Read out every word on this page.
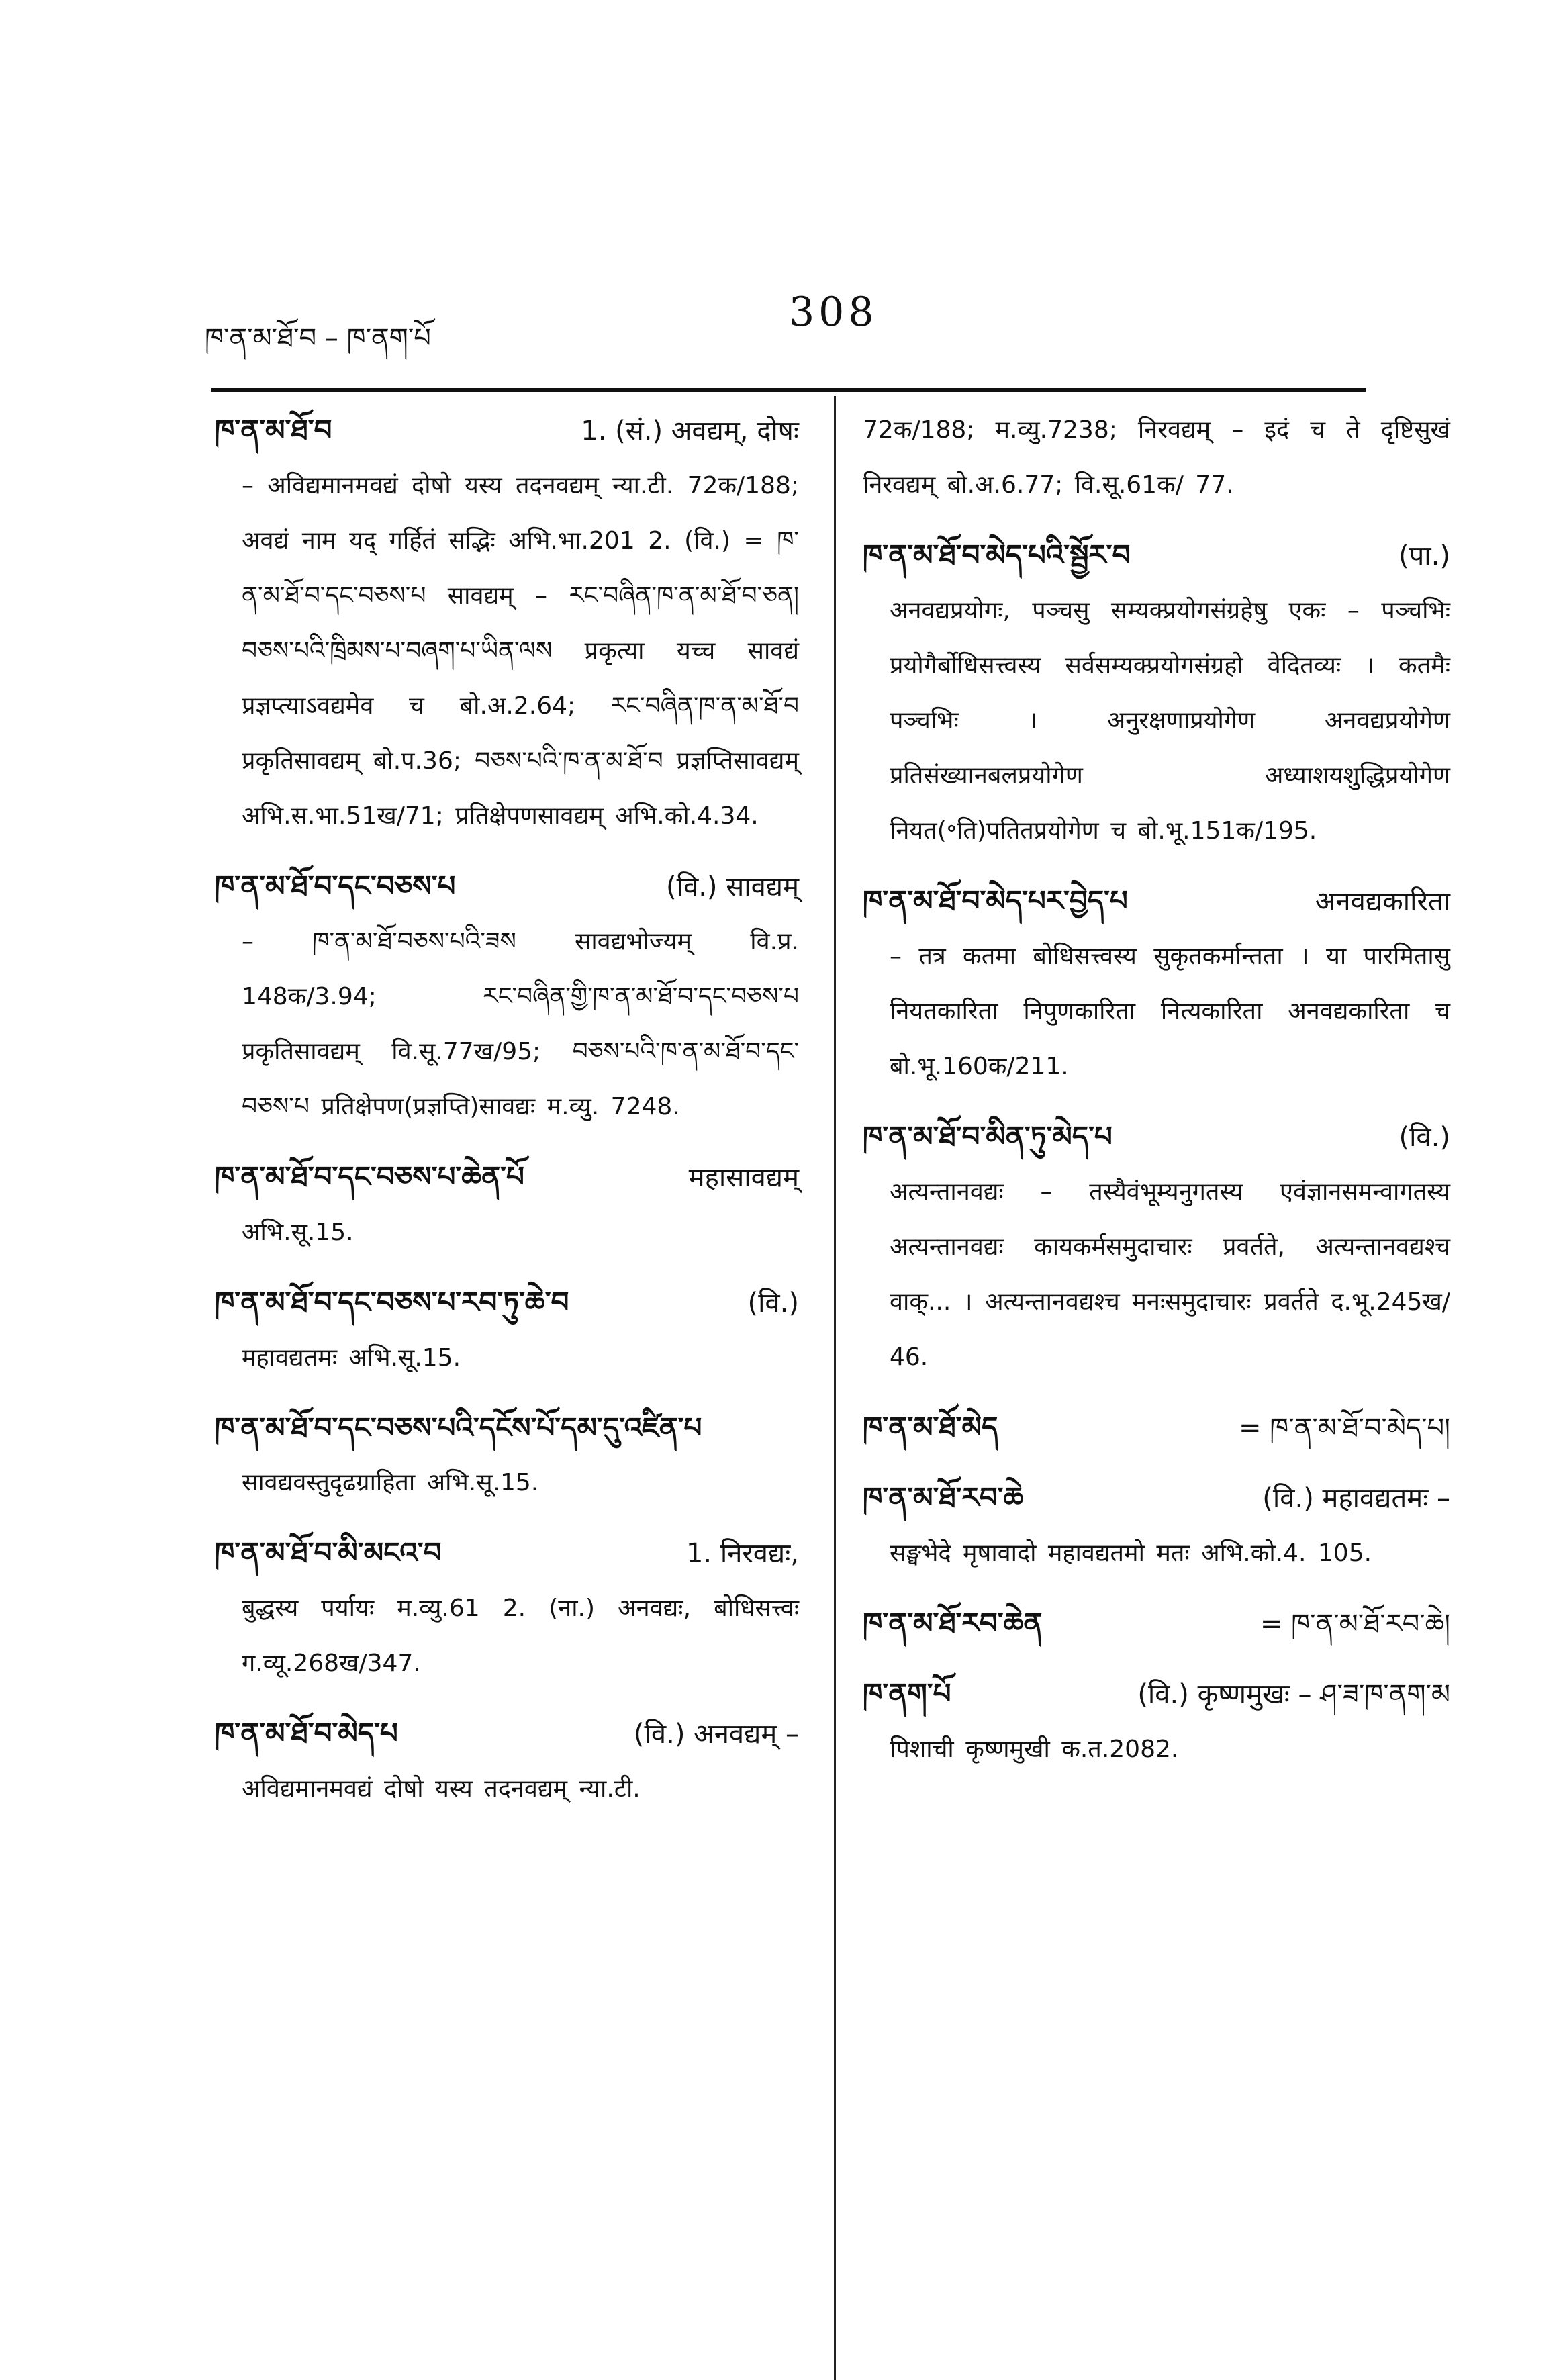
ཁ་ན་མ་ཐོ་བ – ཁ་ནག་པོ
308
ཁ་ན་མ་ཐོ་བ	1. (सं.) अवद्यम्, दोषः
– अविद्यमानमवद्यं दोषो यस्य तदनवद्यम् न्या.टी. 72क/188; अवद्यं नाम यद् गर्हितं सद्भिः अभि.भा.201 2. (वि.) = ཁ་ན་མ་ཐོ་བ་དང་བཅས་པ सावद्यम् – རང་བཞིན་ཁ་ན་མ་ཐོ་བ་ཅན། བཅས་པའི་ཁྲིམས་པ་བཞག་པ་ཡིན་ལས प्रकृत्या यच्च सावद्यं प्रज्ञप्त्याऽवद्यमेव च बो.अ.2.64; རང་བཞིན་ཁ་ན་མ་ཐོ་བ प्रकृतिसावद्यम् बो.प.36; བཅས་པའི་ཁ་ན་མ་ཐོ་བ प्रज्ञप्तिसावद्यम् अभि.स.भा.51ख/71; प्रतिक्षेपणसावद्यम् अभि.को.4.34.
ཁ་ན་མ་ཐོ་བ་དང་བཅས་པ	(वि.) सावद्यम्
– ཁ་ན་མ་ཐོ་བཅས་པའི་ཟས सावद्यभोज्यम् वि.प्र. 148क/3.94; རང་བཞིན་གྱི་ཁ་ན་མ་ཐོ་བ་དང་བཅས་པ प्रकृतिसावद्यम् वि.सू.77ख/95; བཅས་པའི་ཁ་ན་མ་ཐོ་བ་དང་བཅས་པ प्रतिक्षेपण(प्रज्ञप्ति)सावद्यः म.व्यु. 7248.
ཁ་ན་མ་ཐོ་བ་དང་བཅས་པ་ཆེན་པོ	महासावद्यम्
अभि.सू.15.
ཁ་ན་མ་ཐོ་བ་དང་བཅས་པ་རབ་ཏུ་ཆེ་བ	(वि.)
महावद्यतमः अभि.सू.15.
ཁ་ན་མ་ཐོ་བ་དང་བཅས་པའི་དངོས་པོ་དམ་དུ་འཛིན་པ
सावद्यवस्तुदृढग्राहिता अभि.सू.15.
ཁ་ན་མ་ཐོ་བ་མི་མངའ་བ	1. निरवद्यः,
बुद्धस्य पर्यायः म.व्यु.61 2. (ना.) अनवद्यः, बोधिसत्त्वः ग.व्यू.268ख/347.
ཁ་ན་མ་ཐོ་བ་མེད་པ	(वि.) अनवद्यम् –
अविद्यमानमवद्यं दोषो यस्य तदनवद्यम् न्या.टी.
72क/188; म.व्यु.7238; निरवद्यम् – इदं च ते दृष्टिसुखं निरवद्यम् बो.अ.6.77; वि.सू.61क/ 77.
ཁ་ན་མ་ཐོ་བ་མེད་པའི་སྦྱོར་བ	(पा.)
अनवद्यप्रयोगः, पञ्चसु सम्यक्प्रयोगसंग्रहेषु एकः – पञ्चभिः प्रयोगैर्बोधिसत्त्वस्य सर्वसम्यक्प्रयोगसंग्रहो वेदितव्यः । कतमैः पञ्चभिः । अनुरक्षणाप्रयोगेण अनवद्यप्रयोगेण प्रतिसंख्यानबलप्रयोगेण अध्याशयशुद्धिप्रयोगेण नियत(॰ति)पतितप्रयोगेण च बो.भू.151क/195.
ཁ་ན་མ་ཐོ་བ་མེད་པར་བྱེད་པ	अनवद्यकारिता
– तत्र कतमा बोधिसत्त्वस्य सुकृतकर्मान्तता । या पारमितासु नियतकारिता निपुणकारिता नित्यकारिता अनवद्यकारिता च बो.भू.160क/211.
ཁ་ན་མ་ཐོ་བ་མིན་ཏུ་མེད་པ	(वि.)
अत्यन्तानवद्यः – तस्यैवंभूम्यनुगतस्य एवंज्ञानसमन्वागतस्य अत्यन्तानवद्यः कायकर्मसमुदाचारः प्रवर्तते, अत्यन्तानवद्यश्च वाक्... । अत्यन्तानवद्यश्च मनःसमुदाचारः प्रवर्तते द.भू.245ख/ 46.
ཁ་ན་མ་ཐོ་མེད	= ཁ་ན་མ་ཐོ་བ་མེད་པ།
ཁ་ན་མ་ཐོ་རབ་ཆེ	(वि.) महावद्यतमः –
सङ्घभेदे मृषावादो महावद्यतमो मतः अभि.को.4. 105.
ཁ་ན་མ་ཐོ་རབ་ཆེན	= ཁ་ན་མ་ཐོ་རབ་ཆེ།
ཁ་ནག་པོ	(वि.) कृष्णमुखः – ཤ་ཟ་ཁ་ནག་མ
पिशाची कृष्णमुखी क.त.2082.
